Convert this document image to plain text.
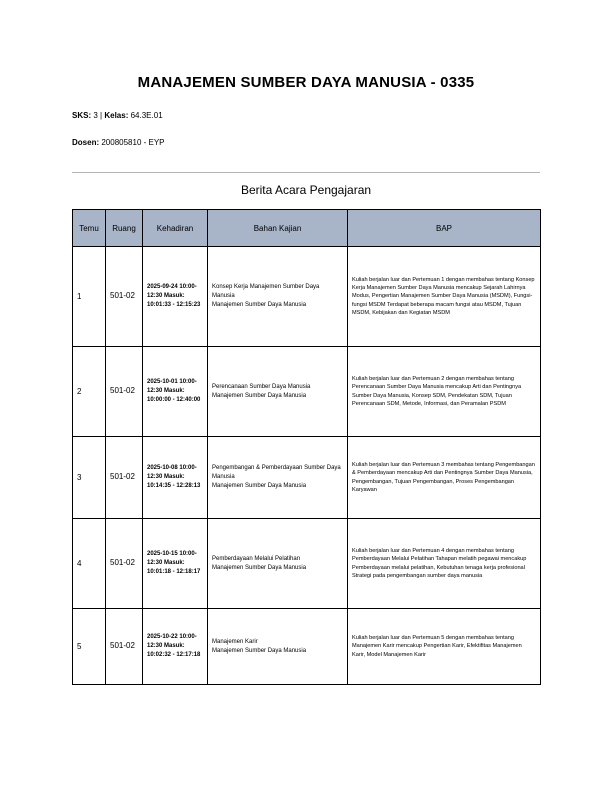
MANAJEMEN SUMBER DAYA MANUSIA - 0335
SKS: 3 | Kelas: 64.3E.01
Dosen: 200805810 - EYP
Berita Acara Pengajaran
Temu	Ruang	Kehadiran	Bahan Kajian	BAP
1	501-02	2025-09-24 10:00-12:30 Masuk: 10:01:33 - 12:15:23	Konsep Kerja Manajemen Sumber Daya Manusia
Manajemen Sumber Daya Manusia	Kuliah berjalan luar dan Pertemuan 1 dengan membahas tentang Konsep Kerja Manajemen Sumber Daya Manusia mencakup Sejarah Lahirnya Modus, Pengertian Manajemen Sumber Daya Manusia (MSDM), Fungsi-fungsi MSDM Terdapat beberapa macam fungsi atau MSDM, Tujuan MSDM, Kebijakan dan Kegiatan MSDM
2	501-02	2025-10-01 10:00-12:30 Masuk: 10:00:00 - 12:40:00	Perencanaan Sumber Daya Manusia
Manajemen Sumber Daya Manusia	Kuliah berjalan luar dan Pertemuan 2 dengan membahas tentang Perencanaan Sumber Daya Manusia mencakup Arti dan Pentingnya Sumber Daya Manusia, Konsep SDM, Pendekatan SDM, Tujuan Perencanaan SDM, Metode, Informasi, dan Peramalan PSDM
3	501-02	2025-10-08 10:00-12:30 Masuk: 10:14:35 - 12:28:13	Pengembangan & Pemberdayaan Sumber Daya Manusia
Manajemen Sumber Daya Manusia	Kuliah berjalan luar dan Pertemuan 3 membahas tentang Pengembangan & Pemberdayaan mencakup Arti dan Pentingnya Sumber Daya Manusia, Pengembangan, Tujuan Pengembangan, Proses Pengembangan Karyawan
4	501-02	2025-10-15 10:00-12:30 Masuk: 10:01:18 - 12:18:17	Pemberdayaan Melalui Pelatihan
Manajemen Sumber Daya Manusia	Kuliah berjalan luar dan Pertemuan 4 dengan membahas tentang Pemberdayaan Melalui Pelatihan Tahapan melatih pegawai mencakup Pemberdayaan melalui pelatihan, Kebutuhan tenaga kerja profesional Strategi pada pengembangan sumber daya manusia
5	501-02	2025-10-22 10:00-12:30 Masuk: 10:02:32 - 12:17:18	Manajemen Karir
Manajemen Sumber Daya Manusia	Kuliah berjalan luar dan Pertemuan 5 dengan membahas tentang Manajemen Karir mencakup Pengertian Karir, Efektifitas Manajemen Karir, Model Manajemen Karir
